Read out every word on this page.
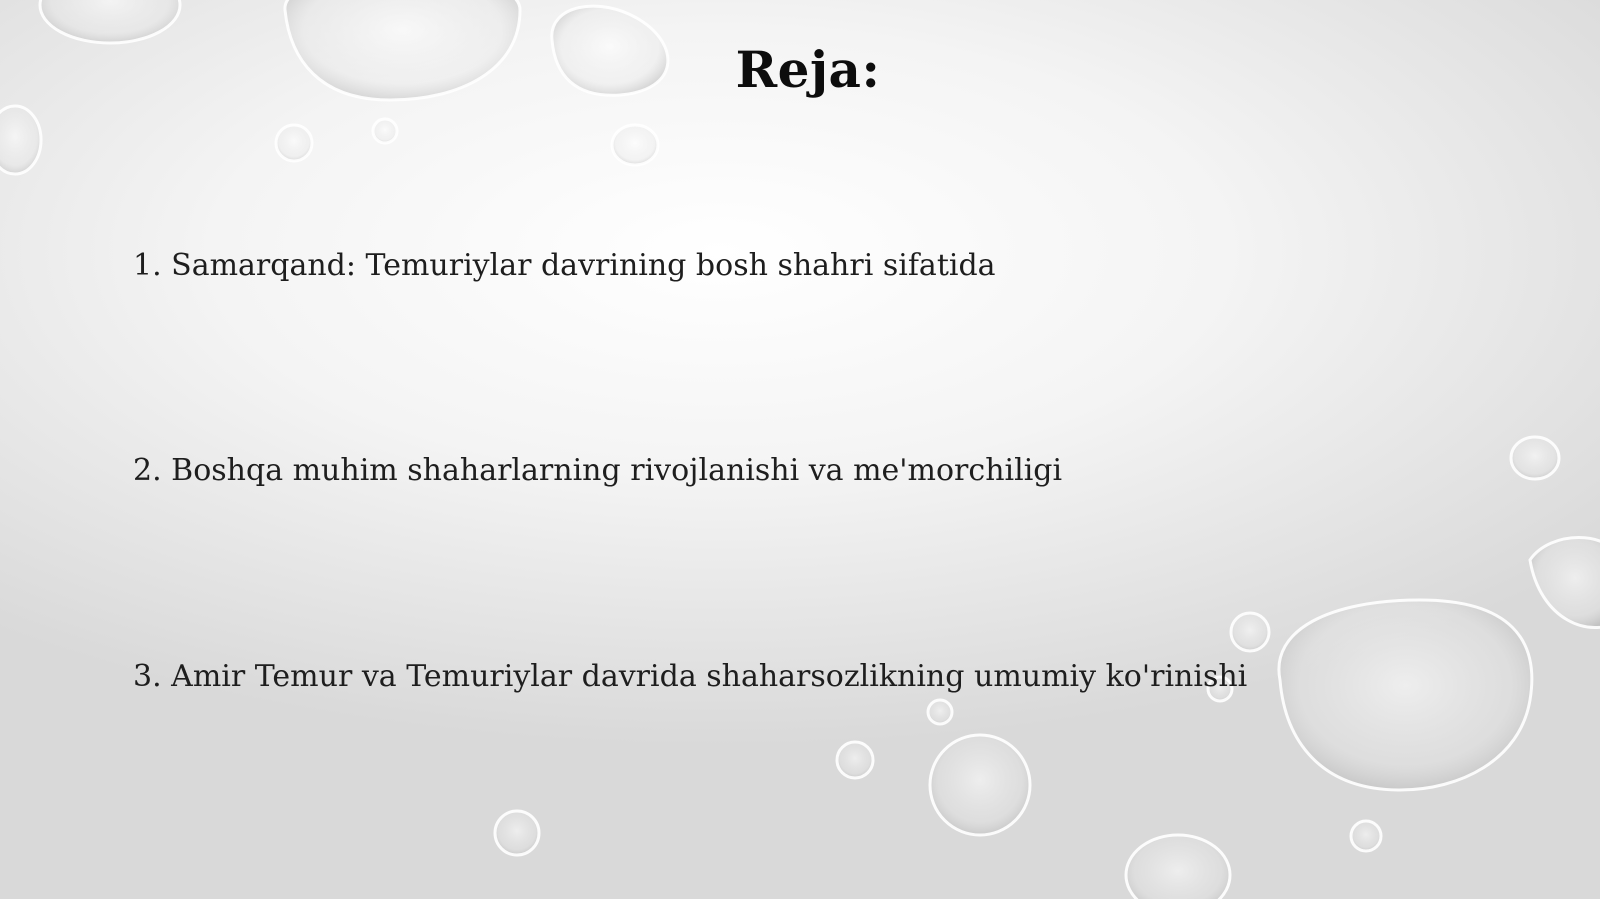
Reja:

1. Samarqand: Temuriylar davrining bosh shahri sifatida

2. Boshqa muhim shaharlarning rivojlanishi va me'morchiligi

3. Amir Temur va Temuriylar davrida shaharsozlikning umumiy ko'rinishi
